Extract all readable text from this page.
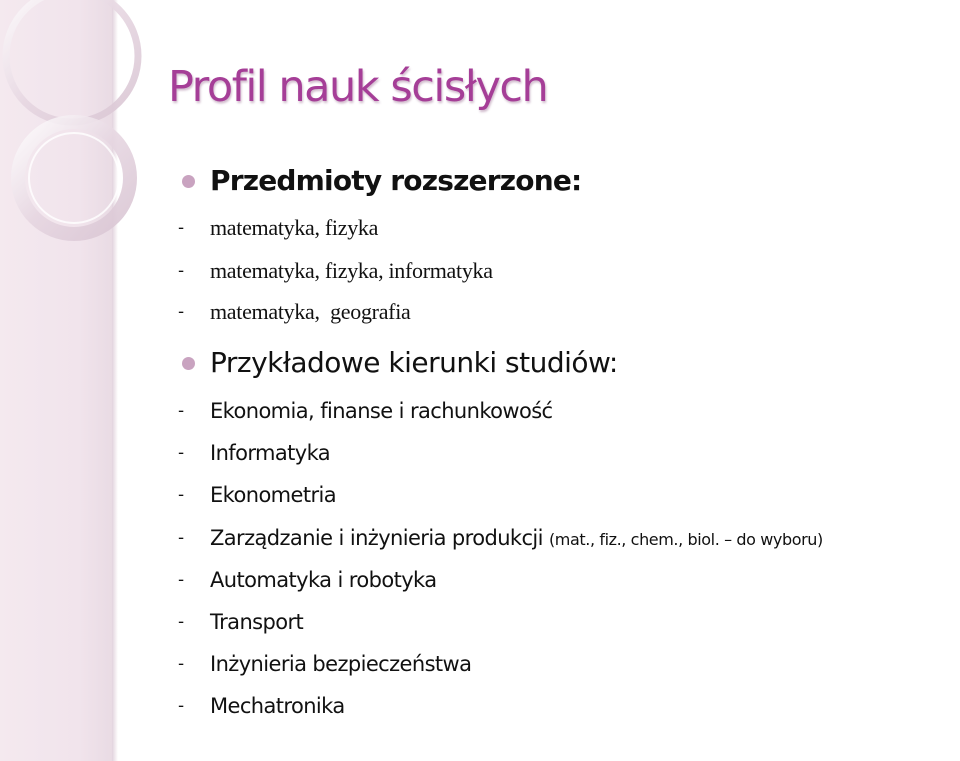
Profil nauk ścisłych
Przedmioty rozszerzone:
- matematyka, fizyka
- matematyka, fizyka, informatyka
- matematyka,  geografia
Przykładowe kierunki studiów:
- Ekonomia, finanse i rachunkowość
- Informatyka
- Ekonometria
- Zarządzanie i inżynieria produkcji (mat., fiz., chem., biol. – do wyboru)
- Automatyka i robotyka
- Transport
- Inżynieria bezpieczeństwa
- Mechatronika
